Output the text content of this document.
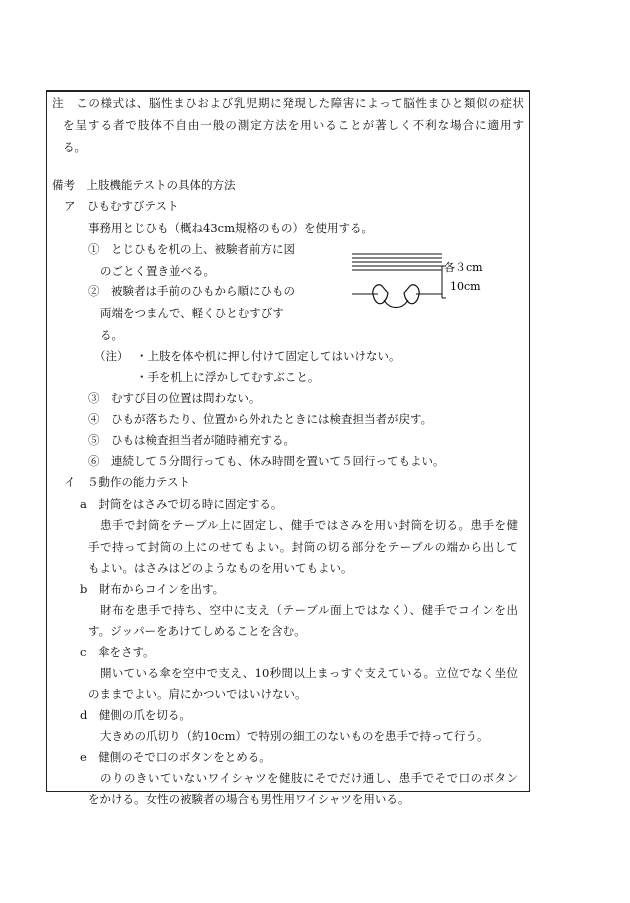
注　この様式は、脳性まひおよび乳児期に発現した障害によって脳性まひと類似の症状
を呈する者で肢体不自由一般の測定方法を用いることが著しく不利な場合に適用す
る。
備考　上肢機能テストの具体的方法
ア　ひもむすびテスト
事務用とじひも（概ね43cm規格のもの）を使用する。
①　とじひもを机の上、被験者前方に図
のごとく置き並べる。
②　被験者は手前のひもから順にひもの
両端をつまんで、軽くひとむすびす
る。
各３cm
10cm
（注） ・上肢を体や机に押し付けて固定してはいけない。
・手を机上に浮かしてむすぶこと。
③　むすび目の位置は問わない。
④　ひもが落ちたり、位置から外れたときには検査担当者が戻す。
⑤　ひもは検査担当者が随時補充する。
⑥　連続して５分間行っても、休み時間を置いて５回行ってもよい。
イ　５動作の能力テスト
a　封筒をはさみで切る時に固定する。
患手で封筒をテーブル上に固定し、健手ではさみを用い封筒を切る。患手を健
手で持って封筒の上にのせてもよい。封筒の切る部分をテーブルの端から出して
もよい。はさみはどのようなものを用いてもよい。
b　財布からコインを出す。
財布を患手で持ち、空中に支え（テーブル面上ではなく）、健手でコインを出
す。ジッパーをあけてしめることを含む。
c　傘をさす。
開いている傘を空中で支え、10秒間以上まっすぐ支えている。立位でなく坐位
のままでよい。肩にかついではいけない。
d　健側の爪を切る。
大きめの爪切り（約10cm）で特別の細工のないものを患手で持って行う。
e　健側のそで口のボタンをとめる。
のりのきいていないワイシャツを健肢にそでだけ通し、患手でそで口のボタン
をかける。女性の被験者の場合も男性用ワイシャツを用いる。
